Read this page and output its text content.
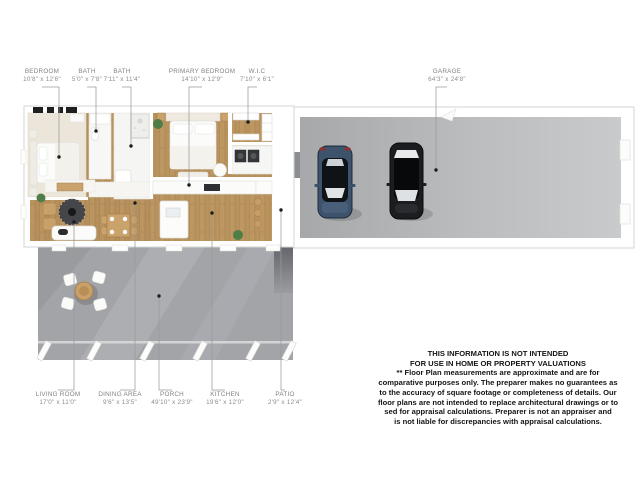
BEDROOM
10'8" x 12'6"
BATH
5'0" x 7'8"
BATH
7'11" x 11'4"
PRIMARY BEDROOM
14'10" x 12'9"
W.I.C
7'10" x 6'1"
GARAGE
64'3" x 24'8"
LIVING ROOM
17'0" x 11'0"
DINING AREA
9'6" x 13'5"
PORCH
49'10" x 23'9"
KITCHEN
19'6" x 12'0"
PATIO
2'9" x 12'4"
THIS INFORMATION IS NOT INTENDED
FOR USE IN HOME OR PROPERTY VALUATIONS
** Floor Plan measurements are approximate and are for
comparative purposes only. The preparer makes no guarantees as
to the accuracy of square footage or completeness of details. Our
floor plans are not intended to replace architectural drawings or to
sed for appraisal calculations. Preparer is not an appraiser and
is not liable for discrepancies with appraisal calculations.
